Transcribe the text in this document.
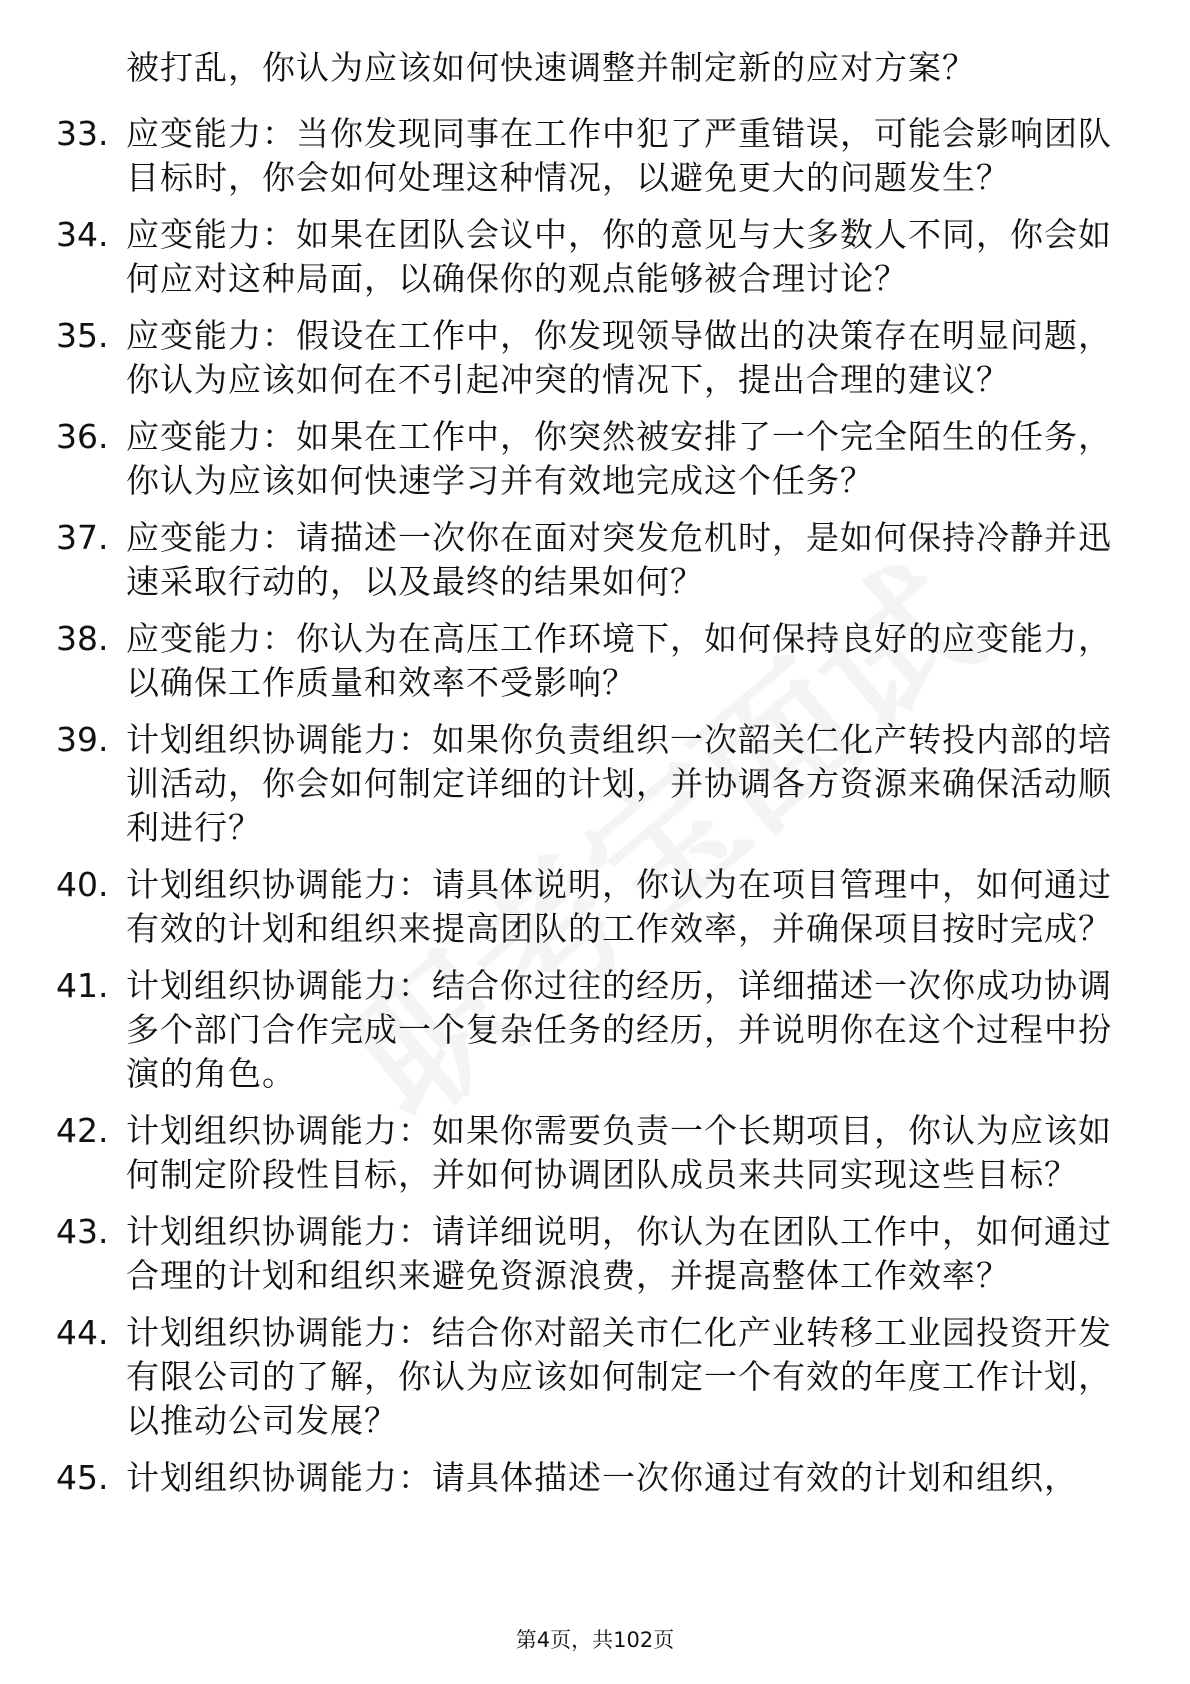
被打乱，你认为应该如何快速调整并制定新的应对方案？
33. 应变能力：当你发现同事在工作中犯了严重错误，可能会影响团队目标时，你会如何处理这种情况，以避免更大的问题发生？
34. 应变能力：如果在团队会议中，你的意见与大多数人不同，你会如何应对这种局面，以确保你的观点能够被合理讨论？
35. 应变能力：假设在工作中，你发现领导做出的决策存在明显问题，你认为应该如何在不引起冲突的情况下，提出合理的建议？
36. 应变能力：如果在工作中，你突然被安排了一个完全陌生的任务，你认为应该如何快速学习并有效地完成这个任务？
37. 应变能力：请描述一次你在面对突发危机时，是如何保持冷静并迅速采取行动的，以及最终的结果如何？
38. 应变能力：你认为在高压工作环境下，如何保持良好的应变能力，以确保工作质量和效率不受影响？
39. 计划组织协调能力：如果你负责组织一次韶关仁化产转投内部的培训活动，你会如何制定详细的计划，并协调各方资源来确保活动顺利进行？
40. 计划组织协调能力：请具体说明，你认为在项目管理中，如何通过有效的计划和组织来提高团队的工作效率，并确保项目按时完成？
41. 计划组织协调能力：结合你过往的经历，详细描述一次你成功协调多个部门合作完成一个复杂任务的经历，并说明你在这个过程中扮演的角色。
42. 计划组织协调能力：如果你需要负责一个长期项目，你认为应该如何制定阶段性目标，并如何协调团队成员来共同实现这些目标？
43. 计划组织协调能力：请详细说明，你认为在团队工作中，如何通过合理的计划和组织来避免资源浪费，并提高整体工作效率？
44. 计划组织协调能力：结合你对韶关市仁化产业转移工业园投资开发有限公司的了解，你认为应该如何制定一个有效的年度工作计划，以推动公司发展？
45. 计划组织协调能力：请具体描述一次你通过有效的计划和组织，
第4页，共102页
